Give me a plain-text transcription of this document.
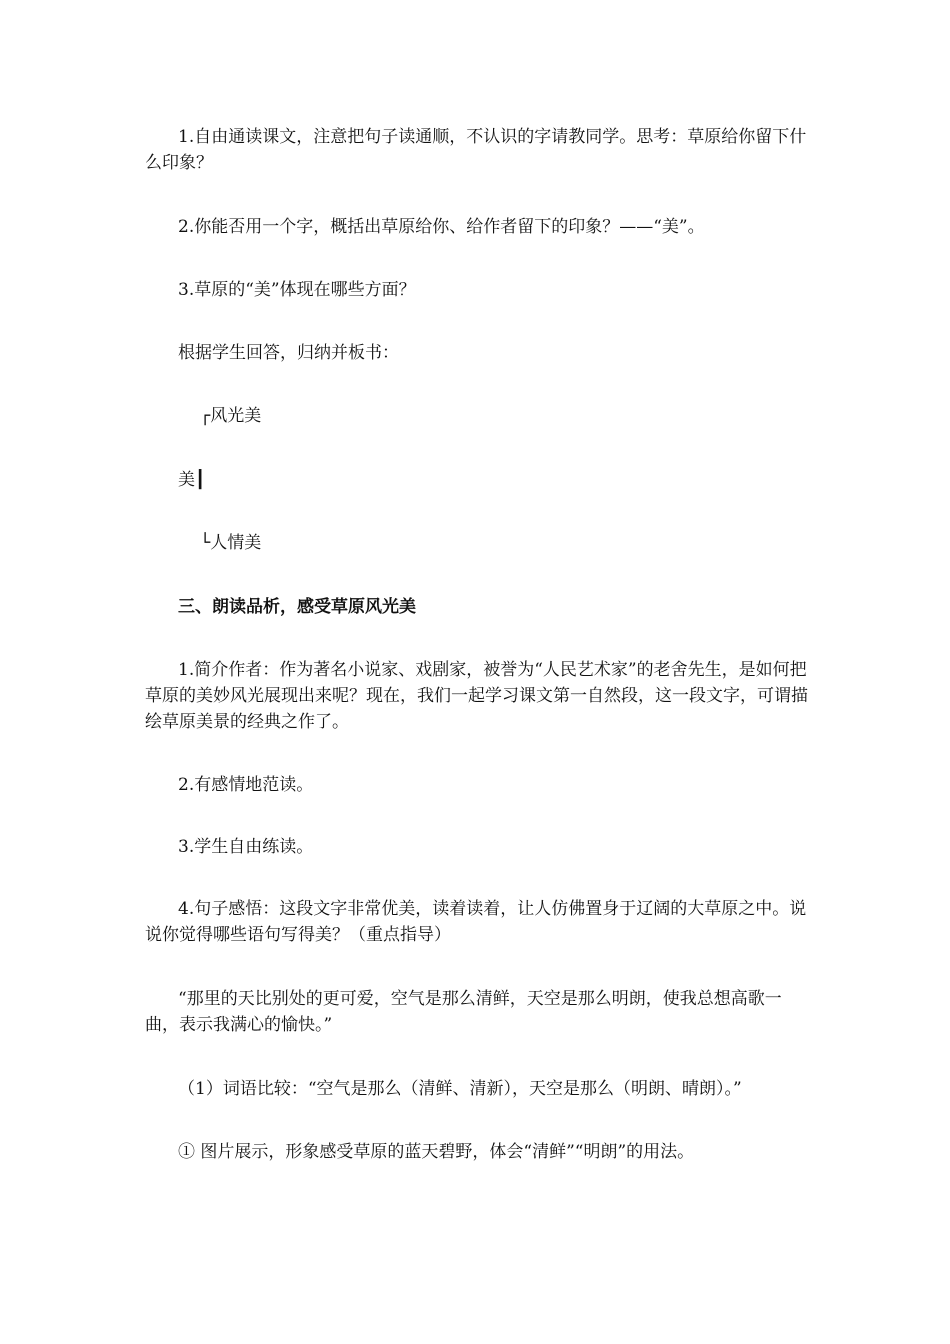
1.自由通读课文，注意把句子读通顺，不认识的字请教同学。思考：草原给你留下什么印象？

2.你能否用一个字，概括出草原给你、给作者留下的印象？——“美”。

3.草原的“美”体现在哪些方面？

根据学生回答，归纳并板书：

┌风光美
美┃
└人情美

三、朗读品析，感受草原风光美

1.简介作者：作为著名小说家、戏剧家，被誉为“人民艺术家”的老舍先生，是如何把草原的美妙风光展现出来呢？现在，我们一起学习课文第一自然段，这一段文字，可谓描绘草原美景的经典之作了。

2.有感情地范读。

3.学生自由练读。

4.句子感悟：这段文字非常优美，读着读着，让人仿佛置身于辽阔的大草原之中。说说你觉得哪些语句写得美？（重点指导）

“那里的天比别处的更可爱，空气是那么清鲜，天空是那么明朗，使我总想高歌一曲，表示我满心的愉快。”

（1）词语比较：“空气是那么（清鲜、清新），天空是那么（明朗、晴朗）。”

① 图片展示，形象感受草原的蓝天碧野，体会“清鲜”“明朗”的用法。
